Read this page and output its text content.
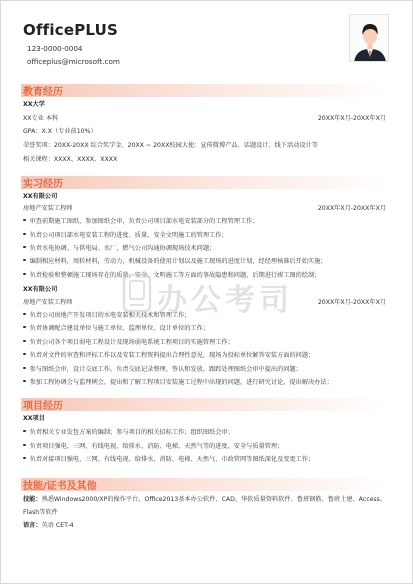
OfficePLUS
123-0000-0004
officeplus@microsoft.com
教育经历
XX大学
XX专业 本科	20XX年X月-20XX年X月
GPA：X.X（专业前10%）
荣誉奖项：20XX-20XX 综合奖学金、20XX ~ 20XX校园大使：宣传微博产品、话题设计、线下活动设计等
相关课程：XXXX、XXXX、XXXX
实习经历
XX有限公司
房地产安装工程师	20XX年X月-20XX年X月
审查前期施工图纸，参加图纸会审，负责公司项目部水电安装部分的工程管理工作；
负责公司项目部水电安装工程的进度、质量、安全文明施工的管理工作；
负责水电协调、与供电局、水厂、燃气公司沟通协调现场技术问题；
编制相应材料，周转材料，劳动力，机械设备的使用计划以及施工现场的进度计划，经经理核准后开始实施；
负责检验和整顿施工现场存在的质量、安全、文明施工等方面的事故隐患和问题，后期进行竣工图的绘制；
XX有限公司
房地产安装工程师	20XX年X月-20XX年X月
负责公司房地产开发项目的水电安装相关技术和管理工作；
负责协调配合建设单位与施工单位、监理单位、设计单位的工作；
负责公司各个项目弱电工程设计及现场弱电系统工程项目的实施管理工作；
负责对文件的审查和评标工作以及安装工程资料提出合理性意见，现场为投标单位解答安装方面的问题；
参与图纸会审，设计交底工作，负责交底记录整理、签认和发放，跟踪处理图纸会审中提出的问题；
参加工程协调会与监理例会，提出和了解工程项目安装施工过程中出现的问题，进行研究讨论，提出解决办法；
项目经历
XX项目
负责相关专业发包方案的编制；参与项目的相关招标工作；组织图纸会审；
负责项目强电、三网、有线电视、给排水、消防、电梯、天然气等的进度、安全与质量管理；
负责对接项目强电、三网、有线电视、给排水、消防、电梯、天然气、市政管网等图纸深化及变更工作；
技能/证书及其他
技能：熟悉Windows2000/XP的操作平台、Office2013基本办公软件、CAD、华软质量资料软件、鲁班钢筋、鲁班土建、Access、
Flash等软件
语言：英语 CET-4
办公考司
